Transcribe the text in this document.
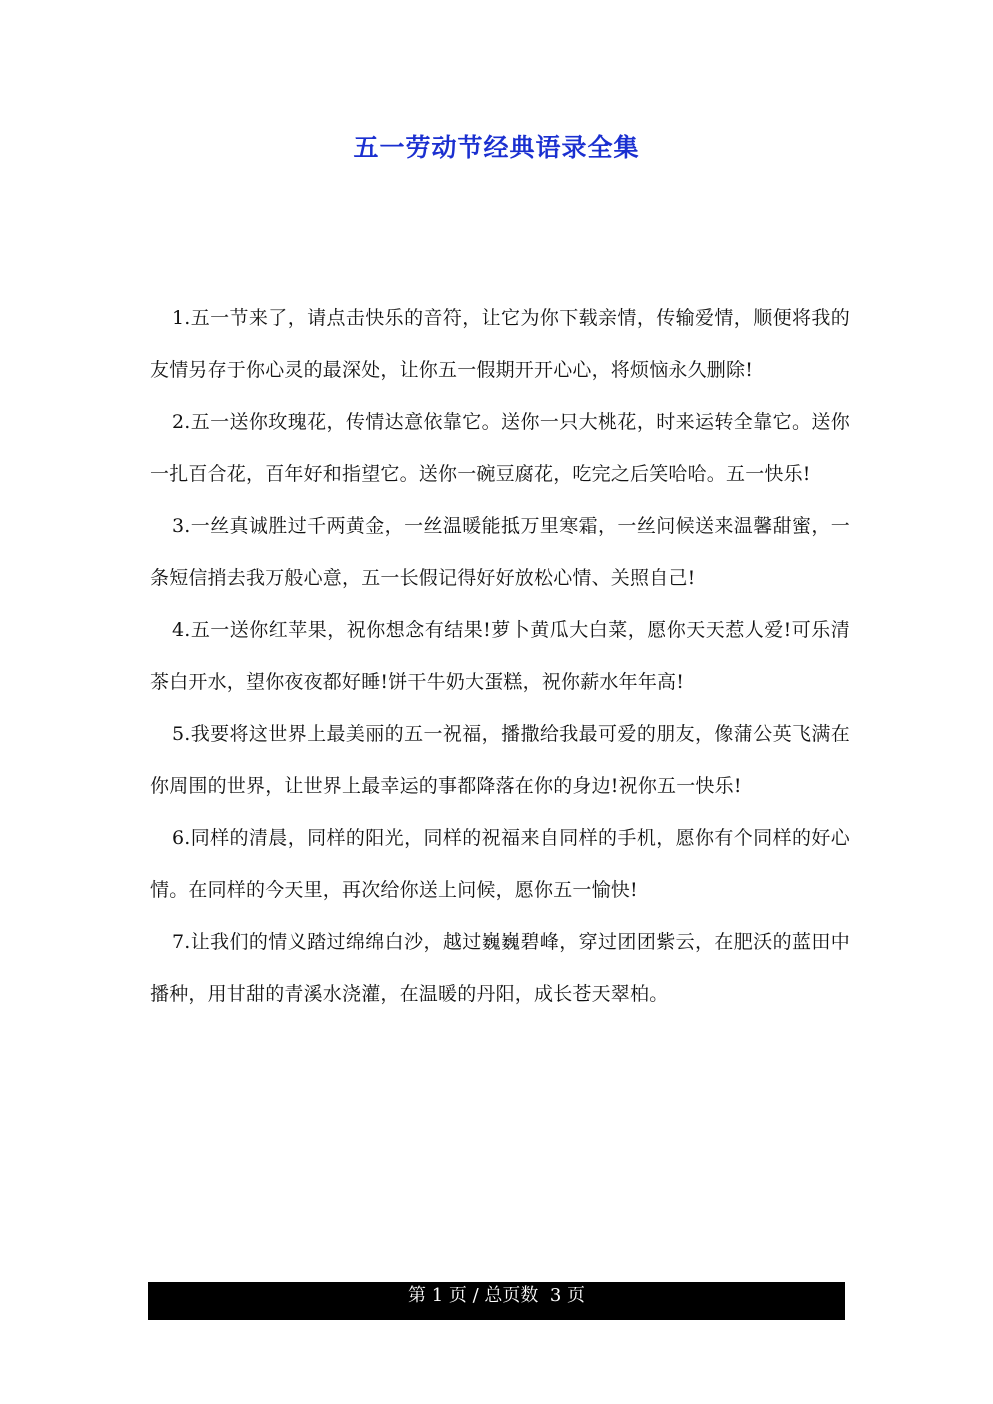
五一劳动节经典语录全集

1.五一节来了，请点击快乐的音符，让它为你下载亲情，传输爱情，顺便将我的友情另存于你心灵的最深处，让你五一假期开开心心，将烦恼永久删除!

2.五一送你玫瑰花，传情达意依靠它。送你一只大桃花，时来运转全靠它。送你一扎百合花，百年好和指望它。送你一碗豆腐花，吃完之后笑哈哈。五一快乐!

3.一丝真诚胜过千两黄金，一丝温暖能抵万里寒霜，一丝问候送来温馨甜蜜，一条短信捎去我万般心意，五一长假记得好好放松心情、关照自己!

4.五一送你红苹果，祝你想念有结果!萝卜黄瓜大白菜，愿你天天惹人爱!可乐清茶白开水，望你夜夜都好睡!饼干牛奶大蛋糕，祝你薪水年年高!

5.我要将这世界上最美丽的五一祝福，播撒给我最可爱的朋友，像蒲公英飞满在你周围的世界，让世界上最幸运的事都降落在你的身边!祝你五一快乐!

6.同样的清晨，同样的阳光，同样的祝福来自同样的手机，愿你有个同样的好心情。在同样的今天里，再次给你送上问候，愿你五一愉快!

7.让我们的情义踏过绵绵白沙，越过巍巍碧峰，穿过团团紫云，在肥沃的蓝田中播种，用甘甜的青溪水浇灌，在温暖的丹阳，成长苍天翠柏。

第 1 页 / 总页数  3 页
